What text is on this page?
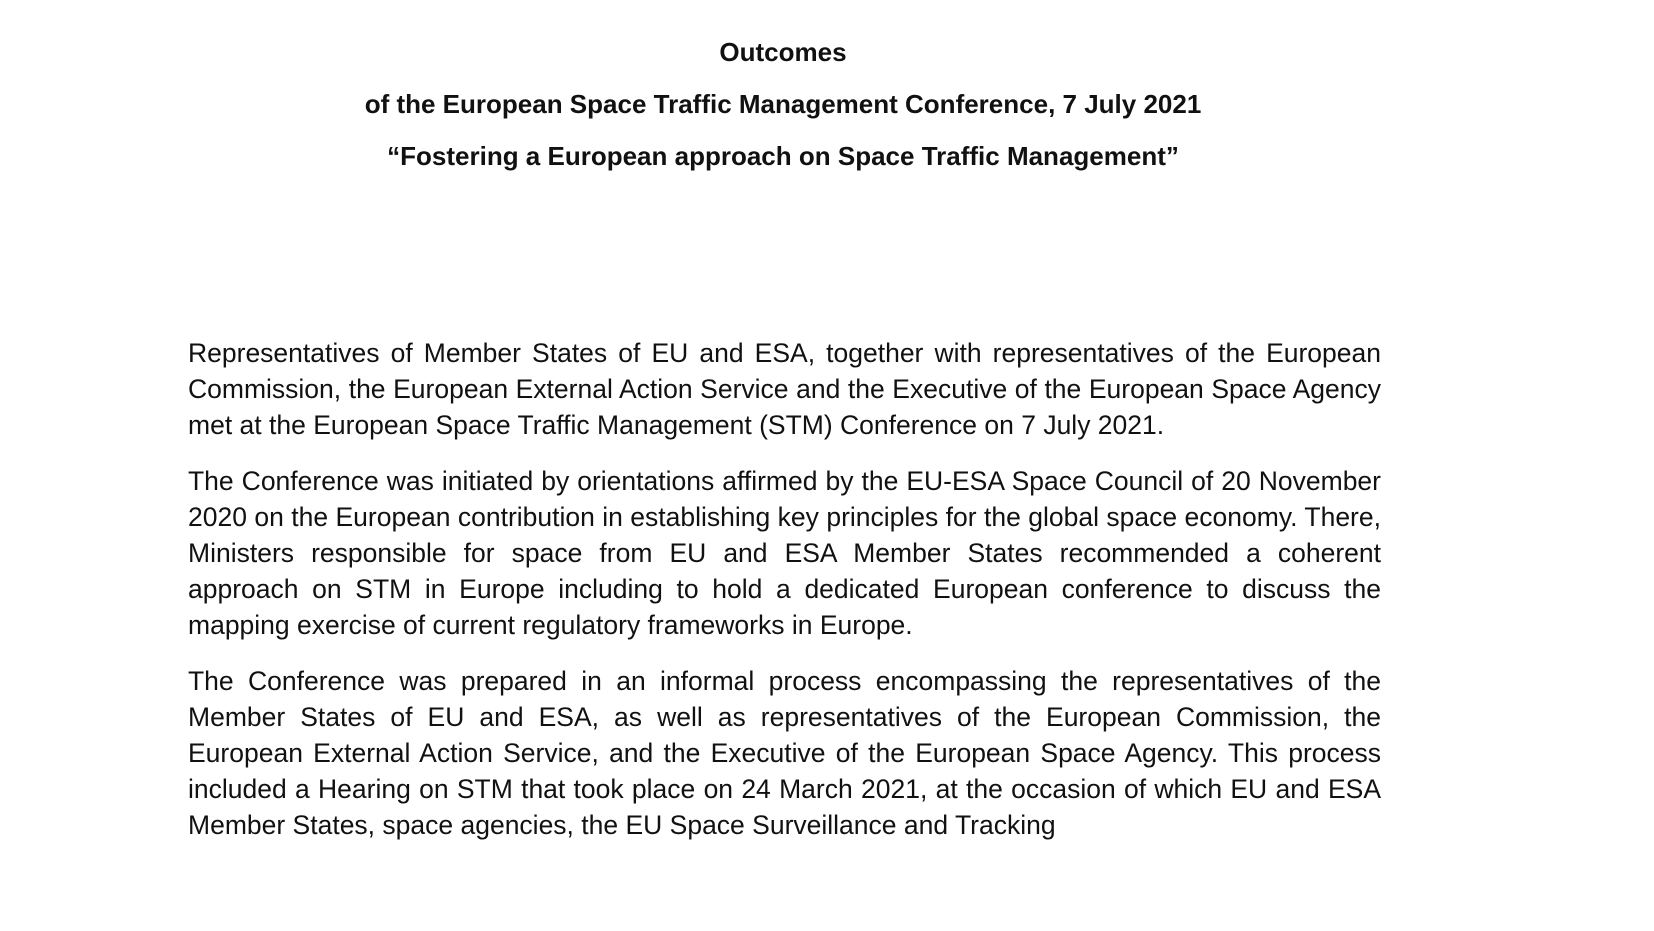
Outcomes
of the European Space Traffic Management Conference, 7 July 2021
“Fostering a European approach on Space Traffic Management”

Representatives of Member States of EU and ESA, together with representatives of the European Commission, the European External Action Service and the Executive of the European Space Agency met at the European Space Traffic Management (STM) Conference on 7 July 2021.

The Conference was initiated by orientations affirmed by the EU-ESA Space Council of 20 November 2020 on the European contribution in establishing key principles for the global space economy. There, Ministers responsible for space from EU and ESA Member States recommended a coherent approach on STM in Europe including to hold a dedicated European conference to discuss the mapping exercise of current regulatory frameworks in Europe.

The Conference was prepared in an informal process encompassing the representatives of the Member States of EU and ESA, as well as representatives of the European Commission, the European External Action Service, and the Executive of the European Space Agency. This process included a Hearing on STM that took place on 24 March 2021, at the occasion of which EU and ESA Member States, space agencies, the EU Space Surveillance and Tracking
